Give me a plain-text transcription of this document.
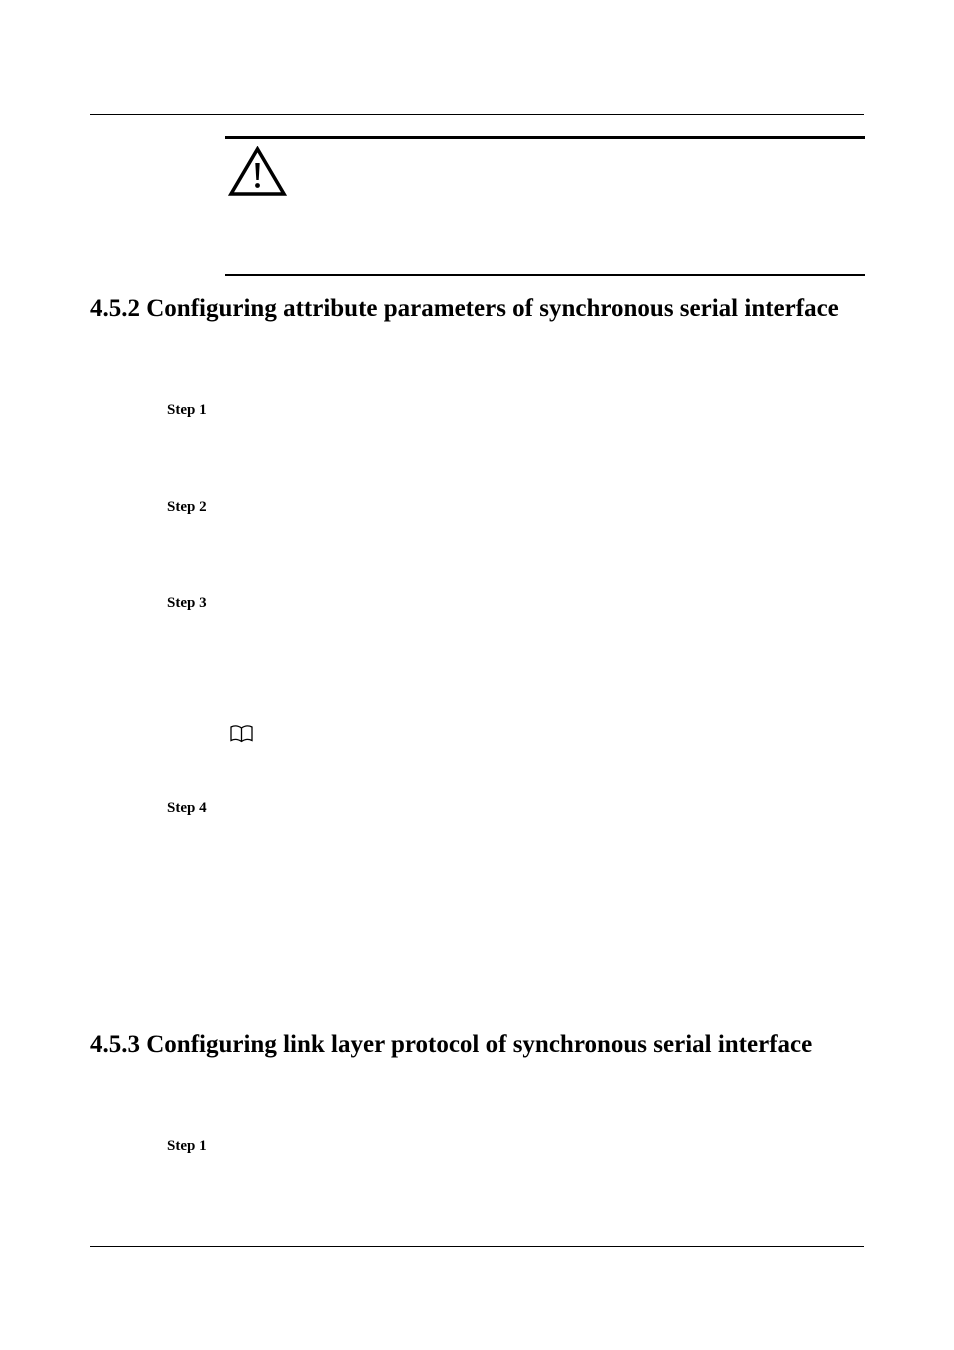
4.5.2 Configuring attribute parameters of synchronous serial interface
Step 1
Step 2
Step 3
Step 4
4.5.3 Configuring link layer protocol of synchronous serial interface
Step 1
